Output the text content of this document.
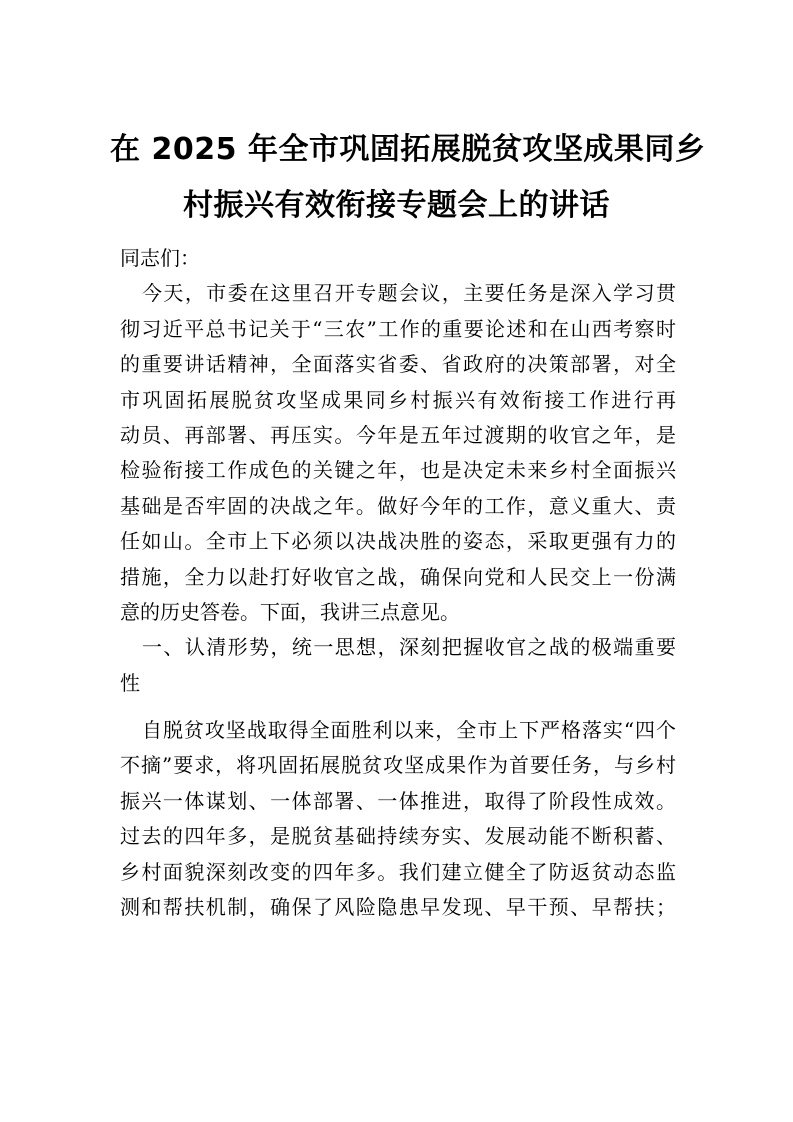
在 2025 年全市巩固拓展脱贫攻坚成果同乡
村振兴有效衔接专题会上的讲话
同志们：
今天，市委在这里召开专题会议，主要任务是深入学习贯
彻习近平总书记关于“三农”工作的重要论述和在山西考察时
的重要讲话精神，全面落实省委、省政府的决策部署，对全
市巩固拓展脱贫攻坚成果同乡村振兴有效衔接工作进行再
动员、再部署、再压实。今年是五年过渡期的收官之年，是
检验衔接工作成色的关键之年，也是决定未来乡村全面振兴
基础是否牢固的决战之年。做好今年的工作，意义重大、责
任如山。全市上下必须以决战决胜的姿态，采取更强有力的
措施，全力以赴打好收官之战，确保向党和人民交上一份满
意的历史答卷。下面，我讲三点意见。
一、认清形势，统一思想，深刻把握收官之战的极端重要
性
自脱贫攻坚战取得全面胜利以来，全市上下严格落实“四个
不摘”要求，将巩固拓展脱贫攻坚成果作为首要任务，与乡村
振兴一体谋划、一体部署、一体推进，取得了阶段性成效。
过去的四年多，是脱贫基础持续夯实、发展动能不断积蓄、
乡村面貌深刻改变的四年多。我们建立健全了防返贫动态监
测和帮扶机制，确保了风险隐患早发现、早干预、早帮扶；
